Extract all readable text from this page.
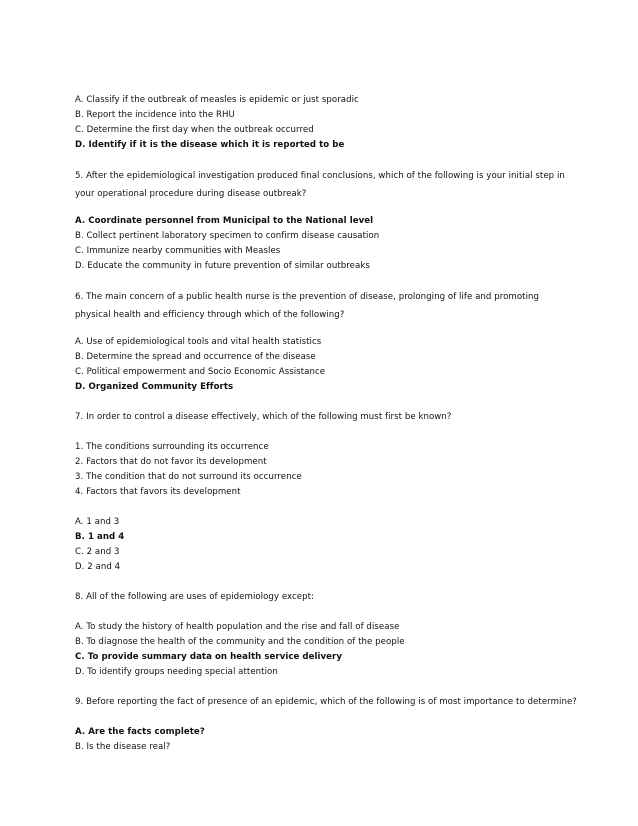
A. Classify if the outbreak of measles is epidemic or just sporadic
B. Report the incidence into the RHU
C. Determine the first day when the outbreak occurred
D. Identify if it is the disease which it is reported to be
5. After the epidemiological investigation produced final conclusions, which of the following is your initial step in your operational procedure during disease outbreak?
A. Coordinate personnel from Municipal to the National level
B. Collect pertinent laboratory specimen to confirm disease causation
C. Immunize nearby communities with Measles
D. Educate the community in future prevention of similar outbreaks
6. The main concern of a public health nurse is the prevention of disease, prolonging of life and promoting physical health and efficiency through which of the following?
A. Use of epidemiological tools and vital health statistics
B. Determine the spread and occurrence of the disease
C. Political empowerment and Socio Economic Assistance
D. Organized Community Efforts
7. In order to control a disease effectively, which of the following must first be known?
1. The conditions surrounding its occurrence
2. Factors that do not favor its development
3. The condition that do not surround its occurrence
4. Factors that favors its development
A. 1 and 3
B. 1 and 4
C. 2 and 3
D. 2 and 4
8. All of the following are uses of epidemiology except:
A. To study the history of health population and the rise and fall of disease
B. To diagnose the health of the community and the condition of the people
C. To provide summary data on health service delivery
D. To identify groups needing special attention
9. Before reporting the fact of presence of an epidemic, which of the following is of most importance to determine?
A. Are the facts complete?
B. Is the disease real?
